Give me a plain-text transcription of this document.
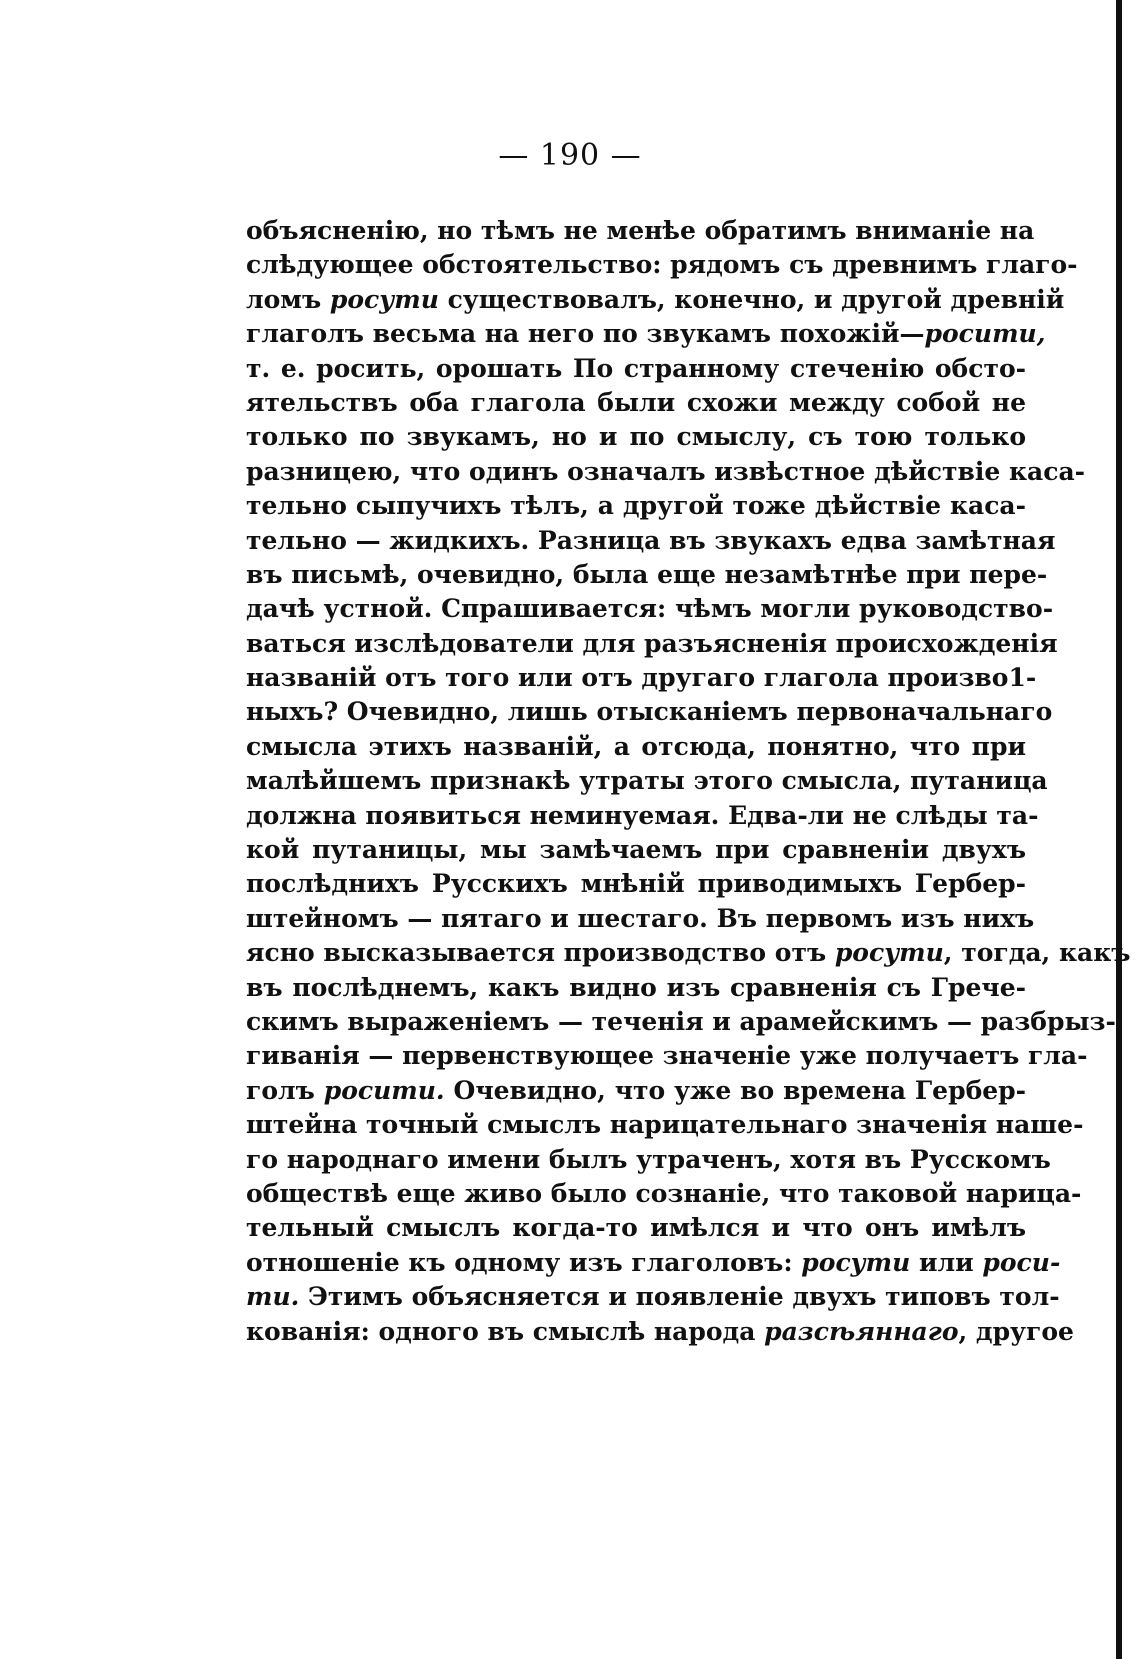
— 190 —
объясненію, но тѣмъ не менѣе обратимъ вниманіе на
слѣдующее обстоятельство: рядомъ съ древнимъ глаго-
ломъ росути существовалъ, конечно, и другой древній
глаголъ весьма на него по звукамъ похожій—росити,
т. е. росить, орошать По странному стеченію обсто-
ятельствъ оба глагола были схожи между собой не
только по звукамъ, но и по смыслу, съ тою только
разницею, что одинъ означалъ извѣстное дѣйствіе каса-
тельно сыпучихъ тѣлъ, а другой тоже дѣйствіе каса-
тельно — жидкихъ. Разница въ звукахъ едва замѣтная
въ письмѣ, очевидно, была еще незамѣтнѣе при пере-
дачѣ устной. Спрашивается: чѣмъ могли руководство-
ваться изслѣдователи для разъясненія происхожденія
названій отъ того или отъ другаго глагола произво1-
ныхъ? Очевидно, лишь отысканіемъ первоначальнаго
смысла этихъ названій, а отсюда, понятно, что при
малѣйшемъ признакѣ утраты этого смысла, путаница
должна появиться неминуемая. Едва-ли не слѣды та-
кой путаницы, мы замѣчаемъ при сравненіи двухъ
послѣднихъ Русскихъ мнѣній приводимыхъ Гербер-
штейномъ — пятаго и шестаго. Въ первомъ изъ нихъ
ясно высказывается производство отъ росути, тогда, какъ
въ послѣднемъ, какъ видно изъ сравненія съ Грече-
скимъ выраженіемъ — теченія и арамейскимъ — разбрыз-
гиванія — первенствующее значеніе уже получаетъ гла-
голъ росити. Очевидно, что уже во времена Гербер-
штейна точный смыслъ нарицательнаго значенія наше-
го народнаго имени былъ утраченъ, хотя въ Русскомъ
обществѣ еще живо было сознаніе, что таковой нарица-
тельный смыслъ когда-то имѣлся и что онъ имѣлъ
отношеніе къ одному изъ глаголовъ: росути или роси-
ти. Этимъ объясняется и появленіе двухъ типовъ тол-
кованія: одного въ смыслѣ народа разсѣяннаго, другое
